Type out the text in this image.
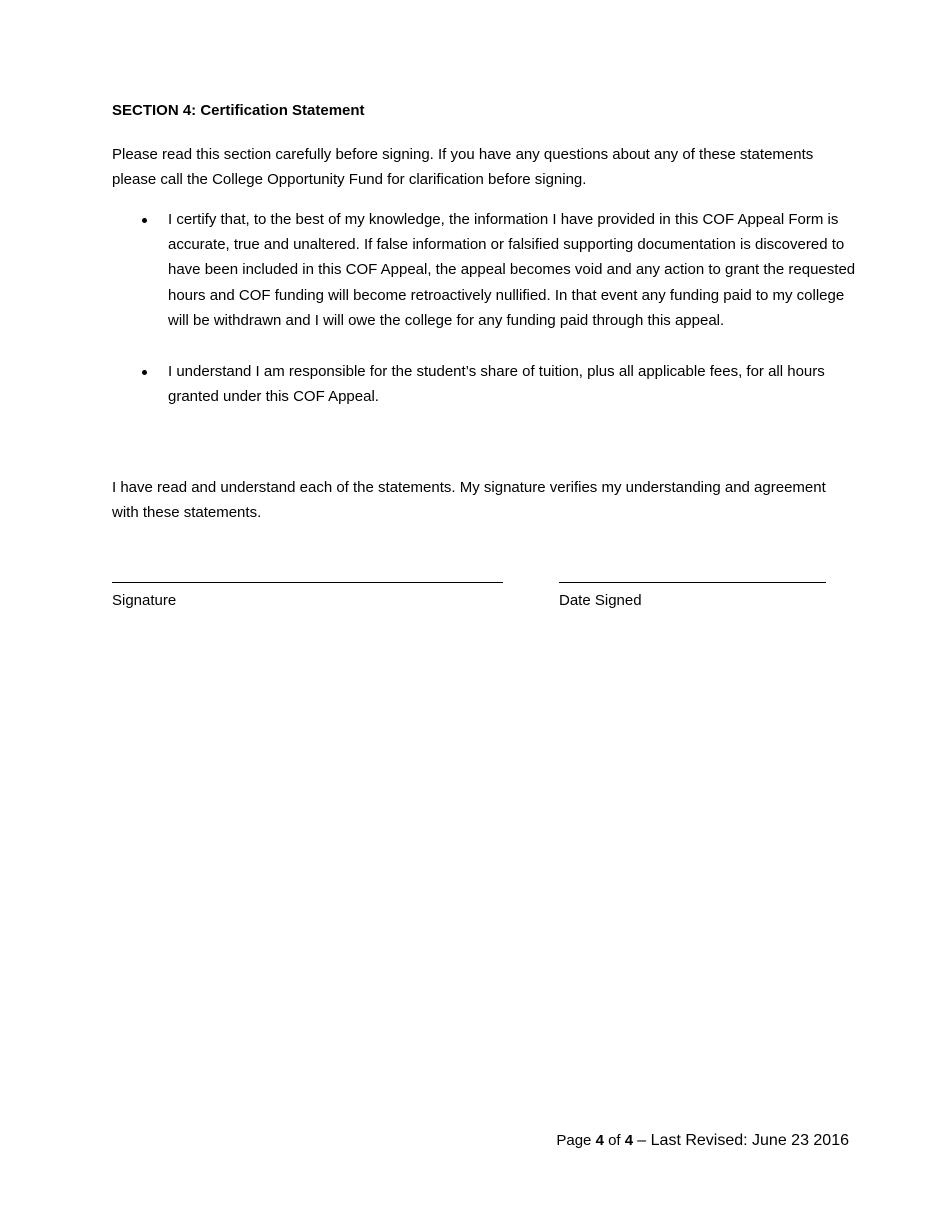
SECTION 4: Certification Statement
Please read this section carefully before signing. If you have any questions about any of these statements please call the College Opportunity Fund for clarification before signing.
I certify that, to the best of my knowledge, the information I have provided in this COF Appeal Form is accurate, true and unaltered. If false information or falsified supporting documentation is discovered to have been included in this COF Appeal, the appeal becomes void and any action to grant the requested hours and COF funding will become retroactively nullified. In that event any funding paid to my college will be withdrawn and I will owe the college for any funding paid through this appeal.
I understand I am responsible for the student’s share of tuition, plus all applicable fees, for all hours granted under this COF Appeal.
I have read and understand each of the statements. My signature verifies my understanding and agreement with these statements.
Signature	Date Signed
Page 4 of 4 – Last Revised: June 23 2016
